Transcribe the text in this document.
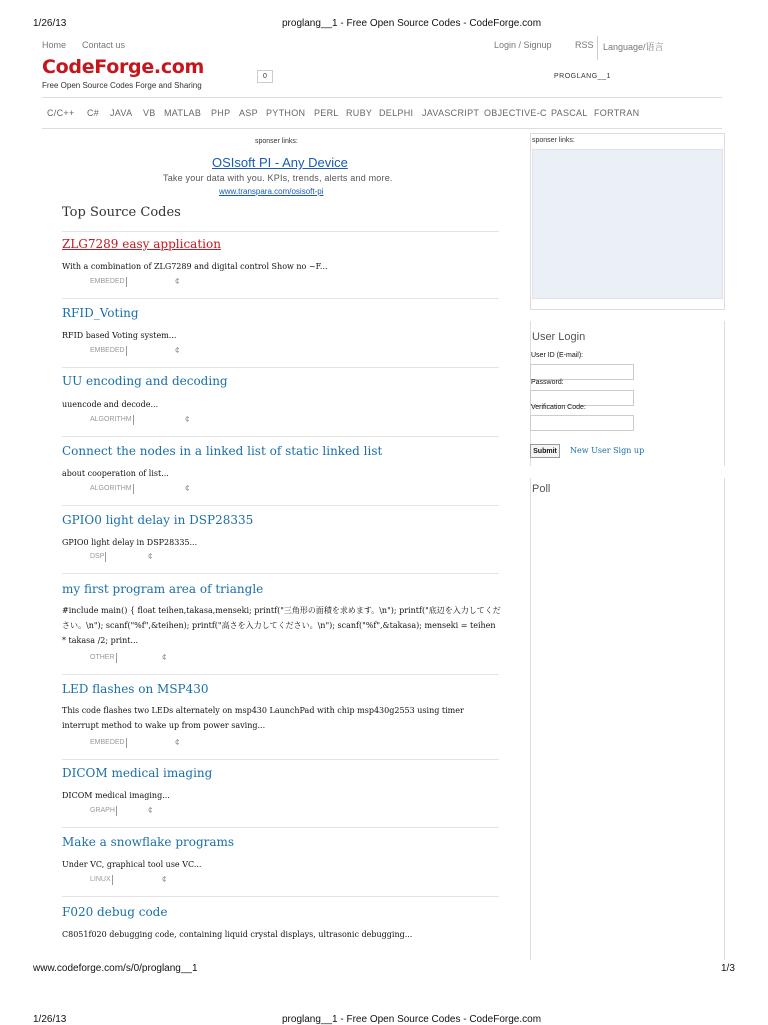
1/26/13	proglang__1 - Free Open Source Codes - CodeForge.com
Home Contact us	Login / Signup	RSS Language/语言
CodeForge.com
Free Open Source Codes Forge and Sharing
0	PROGLANG__1
C/C++ C# JAVA VB MATLAB PHP ASP PYTHON PERL RUBY DELPHI JAVASCRIPT OBJECTIVE-C PASCAL FORTRAN
sponser links:
OSIsoft PI - Any Device
Take your data with you. KPIs, trends, alerts and more.
www.transpara.com/osisoft-pi
Top Source Codes
ZLG7289 easy application
With a combination of ZLG7289 and digital control Show no ~F...
EMBEDED	¢
RFID_Voting
RFID based Voting system...
EMBEDED	¢
UU encoding and decoding
uuencode and decode...
ALGORITHM	¢
Connect the nodes in a linked list of static linked list
about cooperation of list...
ALGORITHM	¢
GPIO0 light delay in DSP28335
GPIO0 light delay in DSP28335...
DSP	¢
my first program area of triangle
#include main() { float teihen,takasa,menseki; printf("三角形の面積を求めます。\n"); printf("底辺を入力してください。\n"); scanf("%f",&teihen); printf("高さを入力してください。\n"); scanf("%f",&takasa); menseki = teihen * takasa /2; print...
OTHER	¢
LED flashes on MSP430
This code flashes two LEDs alternately on msp430 LaunchPad with chip msp430g2553 using timer interrupt method to wake up from power saving...
EMBEDED	¢
DICOM medical imaging
DICOM medical imaging...
GRAPH	¢
Make a snowflake programs
Under VC, graphical tool use VC...
LINUX	¢
F020 debug code
C8051f020 debugging code, containing liquid crystal displays, ultrasonic debugging...
sponser links:
User Login
User ID (E-mail):
Password:
Verification Code:
Submit	New User Sign up
Poll
www.codeforge.com/s/0/proglang__1	1/3
1/26/13	proglang__1 - Free Open Source Codes - CodeForge.com
